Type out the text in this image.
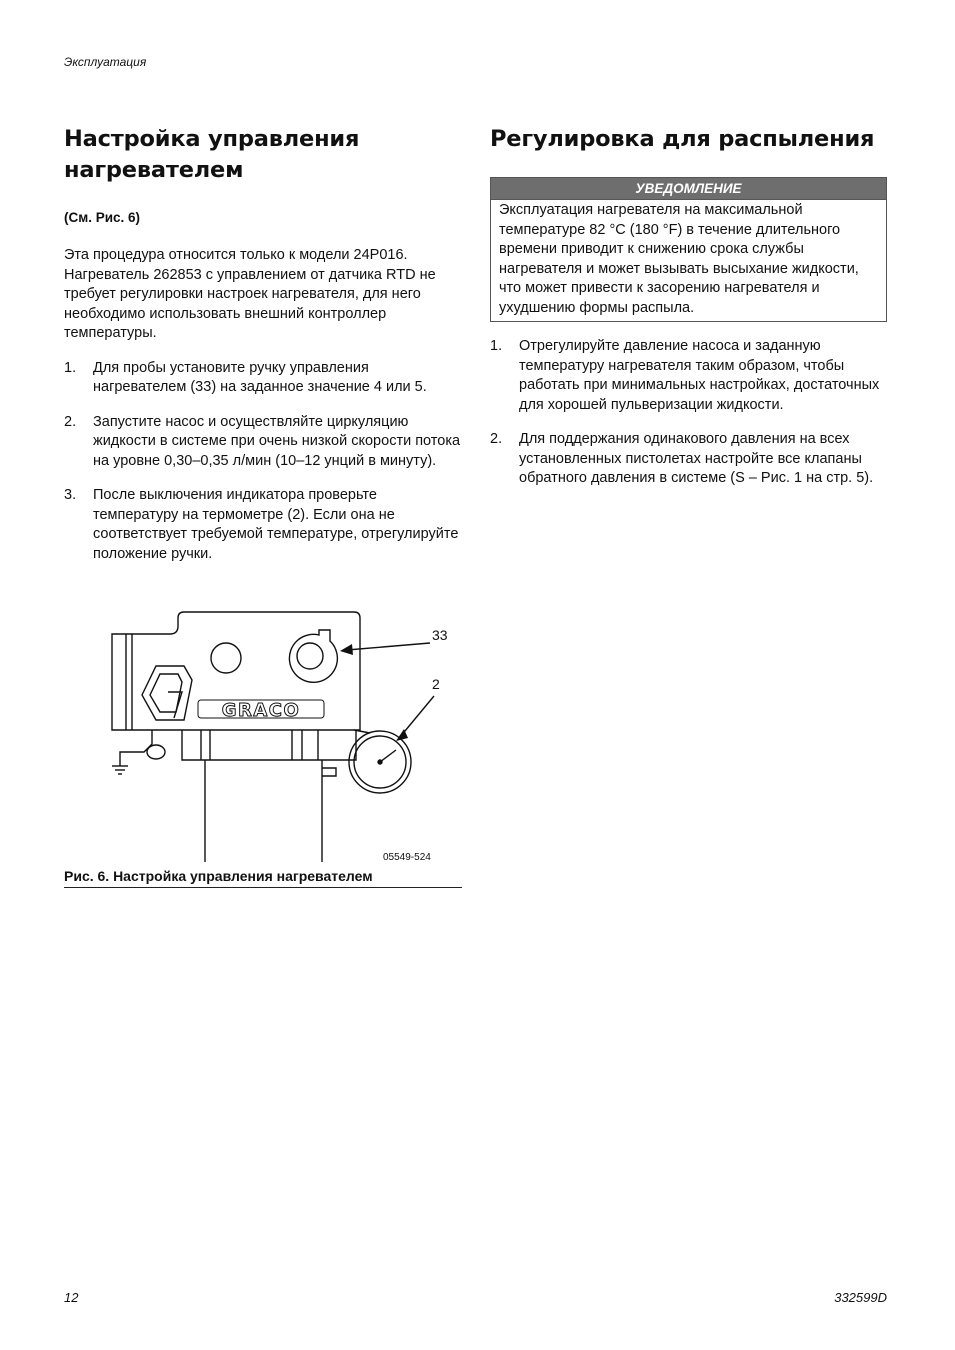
Эксплуатация
Настройка управления
нагревателем
(См. Рис. 6)

Эта процедура относится только к модели 24P016. Нагреватель 262853 с управлением от датчика RTD не требует регулировки настроек нагревателя, для него необходимо использовать внешний контроллер температуры.

1. Для пробы установите ручку управления нагревателем (33) на заданное значение 4 или 5.
2. Запустите насос и осуществляйте циркуляцию жидкости в системе при очень низкой скорости потока на уровне 0,30–0,35 л/мин (10–12 унций в минуту).
3. После выключения индикатора проверьте температуру на термометре (2). Если она не соответствует требуемой температуре, отрегулируйте положение ручки.
GRACO
33
2
05549-524
Рис. 6. Настройка управления нагревателем
Регулировка для распыления
УВЕДОМЛЕНИЕ
Эксплуатация нагревателя на максимальной температуре 82 °C (180 °F) в течение длительного времени приводит к снижению срока службы нагревателя и может вызывать высыхание жидкости, что может привести к засорению нагревателя и ухудшению формы распыла.
1. Отрегулируйте давление насоса и заданную температуру нагревателя таким образом, чтобы работать при минимальных настройках, достаточных для хорошей пульверизации жидкости.
2. Для поддержания одинакового давления на всех установленных пистолетах настройте все клапаны обратного давления в системе (S – Рис. 1 на стр. 5).
12	332599D
